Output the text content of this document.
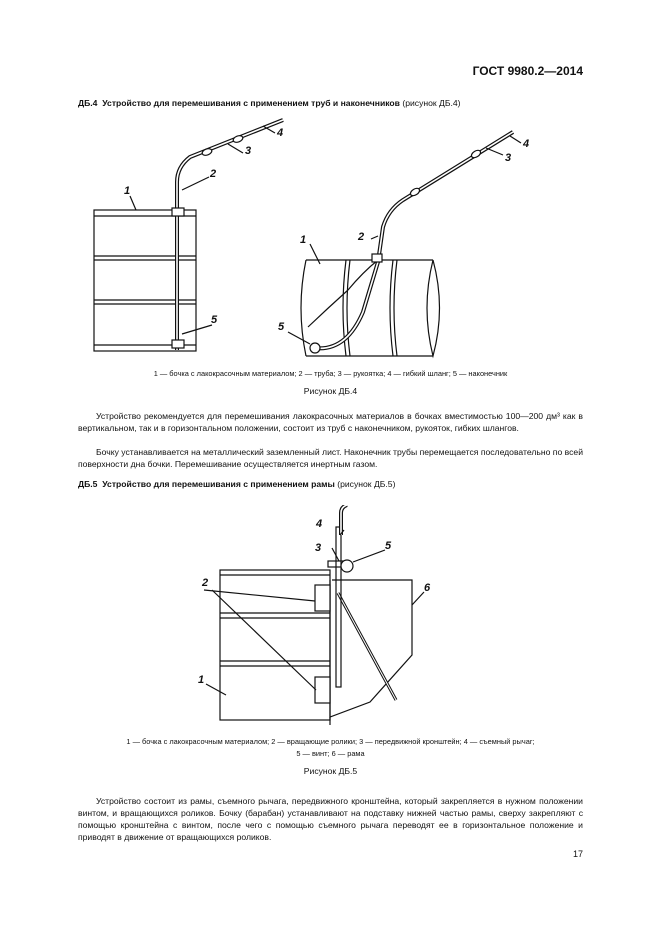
ГОСТ 9980.2—2014
ДБ.4 Устройство для перемешивания с применением труб и наконечников (рисунок ДБ.4)
1
2
3
4
5
1	2
3
4
5
1 — бочка с лакокрасочным материалом; 2 — труба; 3 — рукоятка; 4 — гибкий шланг; 5 — наконечник
Рисунок ДБ.4

Устройство рекомендуется для перемешивания лакокрасочных материалов в бочках вместимостью 100—200 дм³ как в вертикальном, так и в горизонтальном положении, состоит из труб с наконечником, рукояток, гибких шлангов.

Бочку устанавливается на металлический заземленный лист. Наконечник трубы перемещается последовательно по всей поверхности дна бочки. Перемешивание осуществляется инертным газом.

ДБ.5 Устройство для перемешивания с применением рамы (рисунок ДБ.5)
2
3
4
5
6
1
1 — бочка с лакокрасочным материалом; 2 — вращающие ролики; 3 — передвижной кронштейн; 4 — съемный рычаг;
5 — винт; 6 — рама
Рисунок ДБ.5

Устройство состоит из рамы, съемного рычага, передвижного кронштейна, который закрепляется в нужном положении винтом, и вращающихся роликов. Бочку (барабан) устанавливают на подставку нижней частью рамы, сверху закрепляют с помощью кронштейна с винтом, после чего с помощью съемного рычага переводят ее в горизонтальное положение и приводят в движение от вращающихся роликов.

17
